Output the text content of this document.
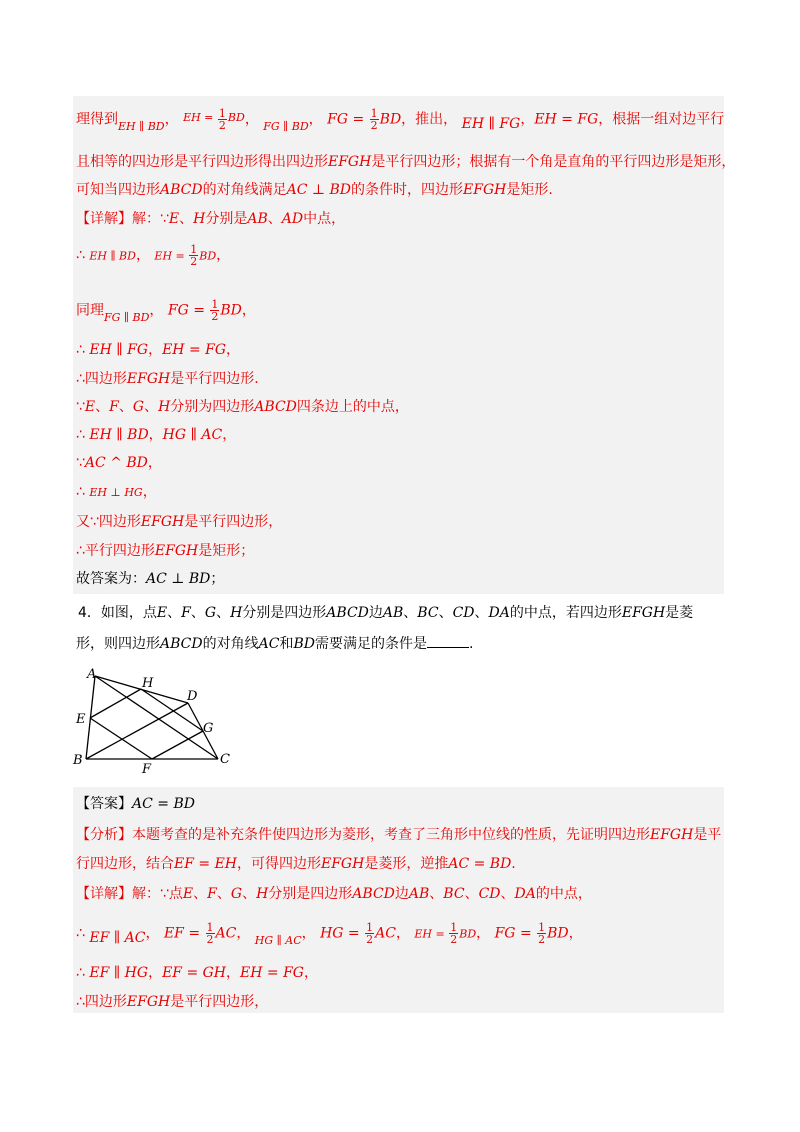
理得到$_{EH \parallel BD}$， $^{EH =} \frac{1}{2} ^{BD}$， $_{FG \parallel BD}$， FG = $\frac{1}{2}$ BD，推出， EH ∥ FG，EH = FG，根据一组对边平行
且相等的四边形是平行四边形得出四边形EFGH是平行四边形；根据有一个角是直角的平行四边形是矩形，
可知当四边形ABCD的对角线满足AC ⊥ BD的条件时，四边形EFGH是矩形.
【详解】解：∵E、H分别是AB、AD中点，
∴ EH ∥ BD， EH = $\frac{1}{2}$ BD，
同理$_{FG \parallel BD}$， FG = $\frac{1}{2}$ BD，
∴ EH ∥ FG，EH = FG，
∴四边形EFGH是平行四边形.
∵E、F、G、H分别为四边形ABCD四条边上的中点，
∴ EH ∥ BD，HG ∥ AC，
∵AC ^ BD，
∴ EH ⊥ HG，
又∵四边形EFGH是平行四边形，
∴平行四边形EFGH是矩形；
故答案为：AC ⊥ BD；
4．如图，点E、F、G、H分别是四边形ABCD边AB、BC、CD、DA的中点，若四边形EFGH是菱
形，则四边形ABCD的对角线AC和BD需要满足的条件是	.
A
H
D
E
G
B
F
C
【答案】AC = BD
【分析】本题考查的是补充条件使四边形为菱形，考查了三角形中位线的性质，先证明四边形EFGH是平
行四边形，结合EF = EH，可得四边形EFGH是菱形，逆推AC = BD.
【详解】解：∵点E、F、G、H分别是四边形ABCD边AB、BC、CD、DA的中点，
∴ EF ∥ AC， EF = $\frac{1}{2}$ AC， $_{HG \parallel AC}$， HG = $\frac{1}{2}$ AC， EH = $\frac{1}{2}$ BD， FG = $\frac{1}{2}$ BD，
∴ EF ∥ HG，EF = GH，EH = FG，
∴四边形EFGH是平行四边形，
